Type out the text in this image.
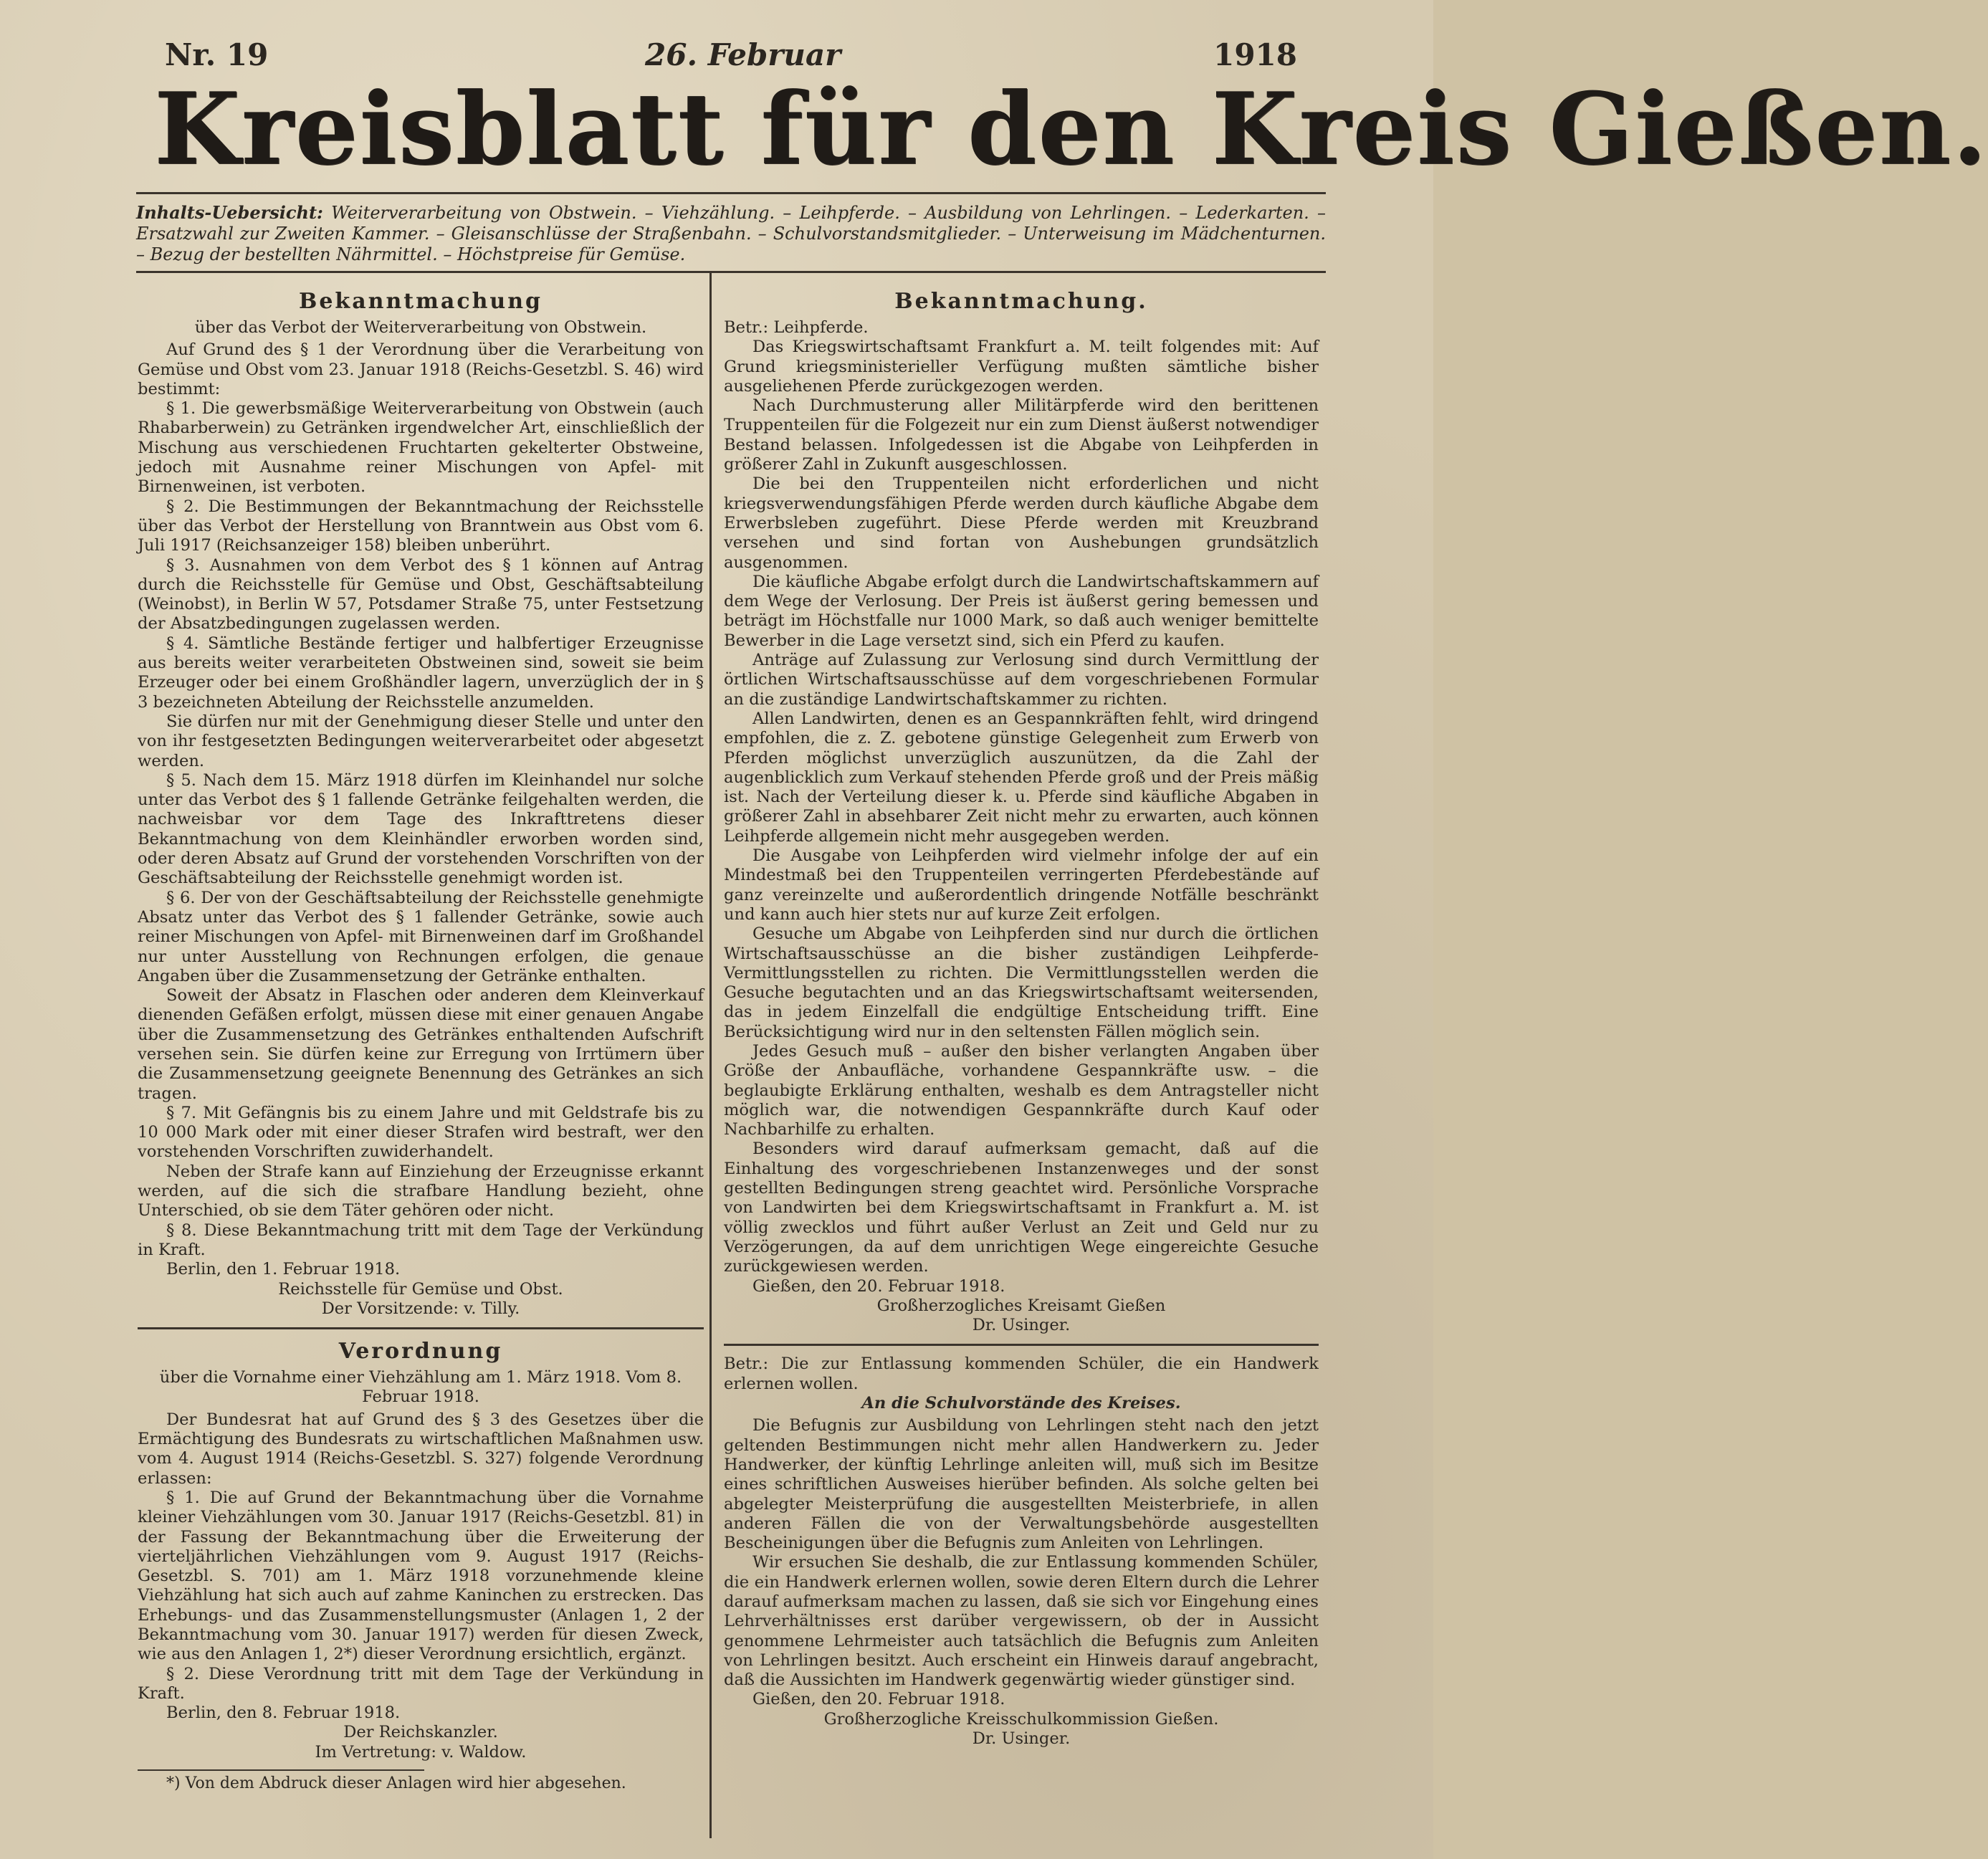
Nr. 19	26. Februar	1918
Kreisblatt für den Kreis Gießen.
Inhalts-Uebersicht: Weiterverarbeitung von Obstwein. – Viehzählung. – Leihpferde. – Ausbildung von Lehrlingen. – Lederkarten. – Ersatzwahl zur Zweiten Kammer. – Gleisanschlüsse der Straßenbahn. – Schulvorstandsmitglieder. – Unterweisung im Mädchenturnen. – Bezug der bestellten Nährmittel. – Höchstpreise für Gemüse.
Bekanntmachung
über das Verbot der Weiterverarbeitung von Obstwein.

Auf Grund des § 1 der Verordnung über die Verarbeitung von Gemüse und Obst vom 23. Januar 1918 (Reichs-Gesetzbl. S. 46) wird bestimmt:

§ 1. Die gewerbsmäßige Weiterverarbeitung von Obstwein (auch Rhabarberwein) zu Getränken irgendwelcher Art, einschließlich der Mischung aus verschiedenen Fruchtarten gekelterter Obstweine, jedoch mit Ausnahme reiner Mischungen von Apfel- mit Birnenweinen, ist verboten.

§ 2. Die Bestimmungen der Bekanntmachung der Reichsstelle über das Verbot der Herstellung von Branntwein aus Obst vom 6. Juli 1917 (Reichsanzeiger 158) bleiben unberührt.

§ 3. Ausnahmen von dem Verbot des § 1 können auf Antrag durch die Reichsstelle für Gemüse und Obst, Geschäftsabteilung (Weinobst), in Berlin W 57, Potsdamer Straße 75, unter Festsetzung der Absatzbedingungen zugelassen werden.

§ 4. Sämtliche Bestände fertiger und halbfertiger Erzeugnisse aus bereits weiter verarbeiteten Obstweinen sind, soweit sie beim Erzeuger oder bei einem Großhändler lagern, unverzüglich der in § 3 bezeichneten Abteilung der Reichsstelle anzumelden.

Sie dürfen nur mit der Genehmigung dieser Stelle und unter den von ihr festgesetzten Bedingungen weiterverarbeitet oder abgesetzt werden.

§ 5. Nach dem 15. März 1918 dürfen im Kleinhandel nur solche unter das Verbot des § 1 fallende Getränke feilgehalten werden, die nachweisbar vor dem Tage des Inkrafttretens dieser Bekanntmachung von dem Kleinhändler erworben worden sind, oder deren Absatz auf Grund der vorstehenden Vorschriften von der Geschäftsabteilung der Reichsstelle genehmigt worden ist.

§ 6. Der von der Geschäftsabteilung der Reichsstelle genehmigte Absatz unter das Verbot des § 1 fallender Getränke, sowie auch reiner Mischungen von Apfel- mit Birnenweinen darf im Großhandel nur unter Ausstellung von Rechnungen erfolgen, die genaue Angaben über die Zusammensetzung der Getränke enthalten.

Soweit der Absatz in Flaschen oder anderen dem Kleinverkauf dienenden Gefäßen erfolgt, müssen diese mit einer genauen Angabe über die Zusammensetzung des Getränkes enthaltenden Aufschrift versehen sein. Sie dürfen keine zur Erregung von Irrtümern über die Zusammensetzung geeignete Benennung des Getränkes an sich tragen.

§ 7. Mit Gefängnis bis zu einem Jahre und mit Geldstrafe bis zu 10 000 Mark oder mit einer dieser Strafen wird bestraft, wer den vorstehenden Vorschriften zuwiderhandelt.

Neben der Strafe kann auf Einziehung der Erzeugnisse erkannt werden, auf die sich die strafbare Handlung bezieht, ohne Unterschied, ob sie dem Täter gehören oder nicht.

§ 8. Diese Bekanntmachung tritt mit dem Tage der Verkündung in Kraft.

Berlin, den 1. Februar 1918.

Reichsstelle für Gemüse und Obst.
Der Vorsitzende: v. Tilly.
Verordnung
über die Vornahme einer Viehzählung am 1. März 1918. Vom 8. Februar 1918.

Der Bundesrat hat auf Grund des § 3 des Gesetzes über die Ermächtigung des Bundesrats zu wirtschaftlichen Maßnahmen usw. vom 4. August 1914 (Reichs-Gesetzbl. S. 327) folgende Verordnung erlassen:

§ 1. Die auf Grund der Bekanntmachung über die Vornahme kleiner Viehzählungen vom 30. Januar 1917 (Reichs-Gesetzbl. 81) in der Fassung der Bekanntmachung über die Erweiterung der vierteljährlichen Viehzählungen vom 9. August 1917 (Reichs-Gesetzbl. S. 701) am 1. März 1918 vorzunehmende kleine Viehzählung hat sich auch auf zahme Kaninchen zu erstrecken. Das Erhebungs- und das Zusammenstellungsmuster (Anlagen 1, 2 der Bekanntmachung vom 30. Januar 1917) werden für diesen Zweck, wie aus den Anlagen 1, 2*) dieser Verordnung ersichtlich, ergänzt.

§ 2. Diese Verordnung tritt mit dem Tage der Verkündung in Kraft.

Berlin, den 8. Februar 1918.

Der Reichskanzler.
Im Vertretung: v. Waldow.

*) Von dem Abdruck dieser Anlagen wird hier abgesehen.

Bekanntmachung.

Betr.: Leihpferde.

Das Kriegswirtschaftsamt Frankfurt a. M. teilt folgendes mit: Auf Grund kriegsministerieller Verfügung mußten sämtliche bisher ausgeliehenen Pferde zurückgezogen werden.

Nach Durchmusterung aller Militärpferde wird den berittenen Truppenteilen für die Folgezeit nur ein zum Dienst äußerst notwendiger Bestand belassen. Infolgedessen ist die Abgabe von Leihpferden in größerer Zahl in Zukunft ausgeschlossen.

Die bei den Truppenteilen nicht erforderlichen und nicht kriegsverwendungsfähigen Pferde werden durch käufliche Abgabe dem Erwerbsleben zugeführt. Diese Pferde werden mit Kreuzbrand versehen und sind fortan von Aushebungen grundsätzlich ausgenommen.

Die käufliche Abgabe erfolgt durch die Landwirtschaftskammern auf dem Wege der Verlosung. Der Preis ist äußerst gering bemessen und beträgt im Höchstfalle nur 1000 Mark, so daß auch weniger bemittelte Bewerber in die Lage versetzt sind, sich ein Pferd zu kaufen.

Anträge auf Zulassung zur Verlosung sind durch Vermittlung der örtlichen Wirtschaftsausschüsse auf dem vorgeschriebenen Formular an die zuständige Landwirtschaftskammer zu richten.

Allen Landwirten, denen es an Gespannkräften fehlt, wird dringend empfohlen, die z. Z. gebotene günstige Gelegenheit zum Erwerb von Pferden möglichst unverzüglich auszunützen, da die Zahl der augenblicklich zum Verkauf stehenden Pferde groß und der Preis mäßig ist. Nach der Verteilung dieser k. u. Pferde sind käufliche Abgaben in größerer Zahl in absehbarer Zeit nicht mehr zu erwarten, auch können Leihpferde allgemein nicht mehr ausgegeben werden.

Die Ausgabe von Leihpferden wird vielmehr infolge der auf ein Mindestmaß bei den Truppenteilen verringerten Pferdebestände auf ganz vereinzelte und außerordentlich dringende Notfälle beschränkt und kann auch hier stets nur auf kurze Zeit erfolgen.

Gesuche um Abgabe von Leihpferden sind nur durch die örtlichen Wirtschaftsausschüsse an die bisher zuständigen Leihpferde-Vermittlungsstellen zu richten. Die Vermittlungsstellen werden die Gesuche begutachten und an das Kriegswirtschaftsamt weitersenden, das in jedem Einzelfall die endgültige Entscheidung trifft. Eine Berücksichtigung wird nur in den seltensten Fällen möglich sein.

Jedes Gesuch muß – außer den bisher verlangten Angaben über Größe der Anbaufläche, vorhandene Gespannkräfte usw. – die beglaubigte Erklärung enthalten, weshalb es dem Antragsteller nicht möglich war, die notwendigen Gespannkräfte durch Kauf oder Nachbarhilfe zu erhalten.

Besonders wird darauf aufmerksam gemacht, daß auf die Einhaltung des vorgeschriebenen Instanzenweges und der sonst gestellten Bedingungen streng geachtet wird. Persönliche Vorsprache von Landwirten bei dem Kriegswirtschaftsamt in Frankfurt a. M. ist völlig zwecklos und führt außer Verlust an Zeit und Geld nur zu Verzögerungen, da auf dem unrichtigen Wege eingereichte Gesuche zurückgewiesen werden.

Gießen, den 20. Februar 1918.

Großherzogliches Kreisamt Gießen
Dr. Usinger.

Betr.: Die zur Entlassung kommenden Schüler, die ein Handwerk erlernen wollen.

An die Schulvorstände des Kreises.

Die Befugnis zur Ausbildung von Lehrlingen steht nach den jetzt geltenden Bestimmungen nicht mehr allen Handwerkern zu. Jeder Handwerker, der künftig Lehrlinge anleiten will, muß sich im Besitze eines schriftlichen Ausweises hierüber befinden. Als solche gelten bei abgelegter Meisterprüfung die ausgestellten Meisterbriefe, in allen anderen Fällen die von der Verwaltungsbehörde ausgestellten Bescheinigungen über die Befugnis zum Anleiten von Lehrlingen.

Wir ersuchen Sie deshalb, die zur Entlassung kommenden Schüler, die ein Handwerk erlernen wollen, sowie deren Eltern durch die Lehrer darauf aufmerksam machen zu lassen, daß sie sich vor Eingehung eines Lehrverhältnisses erst darüber vergewissern, ob der in Aussicht genommene Lehrmeister auch tatsächlich die Befugnis zum Anleiten von Lehrlingen besitzt. Auch erscheint ein Hinweis darauf angebracht, daß die Aussichten im Handwerk gegenwärtig wieder günstiger sind.

Gießen, den 20. Februar 1918.

Großherzogliche Kreisschulkommission Gießen.
Dr. Usinger.
